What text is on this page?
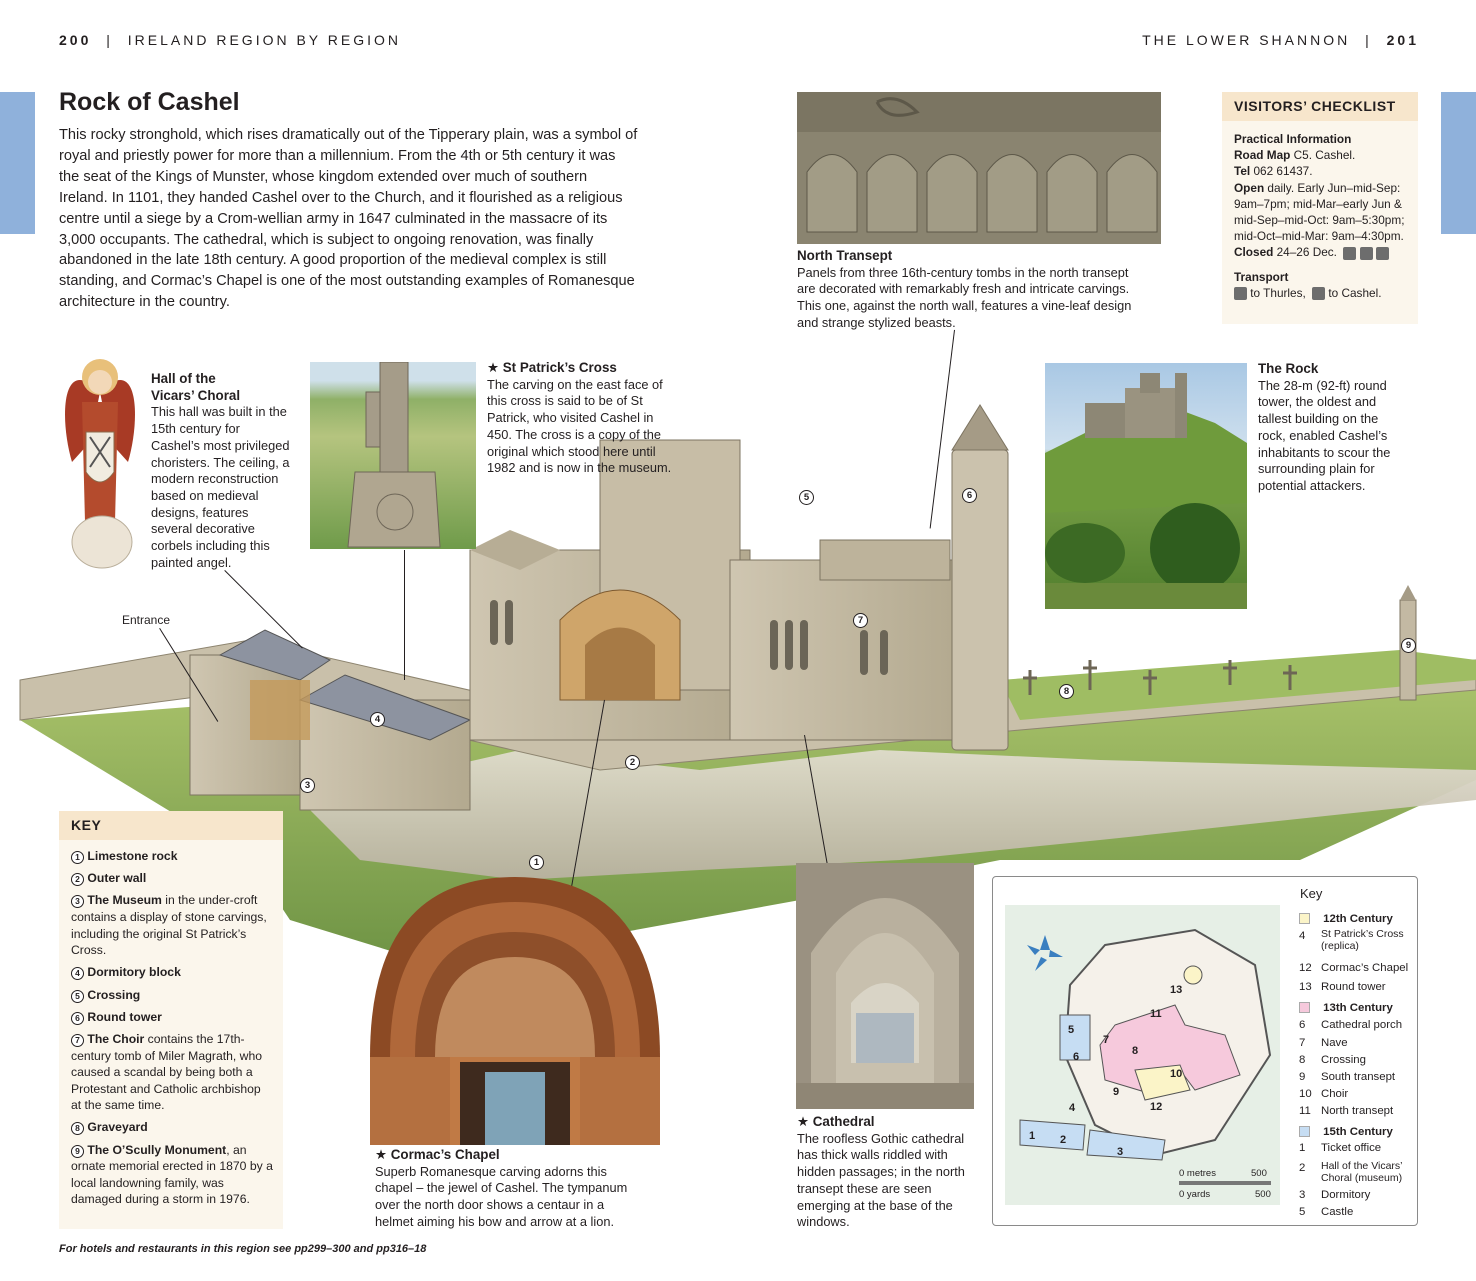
200 | IRELAND REGION BY REGION	THE LOWER SHANNON | 201
Rock of Cashel

This rocky stronghold, which rises dramatically out of the Tipperary plain, was a symbol of royal and priestly power for more than a millennium. From the 4th or 5th century it was the seat of the Kings of Munster, whose kingdom extended over much of southern Ireland. In 1101, they handed Cashel over to the Church, and it flourished as a religious centre until a siege by a Crom-wellian army in 1647 culminated in the massacre of its 3,000 occupants. The cathedral, which is subject to ongoing renovation, was finally abandoned in the late 18th century. A good proportion of the medieval complex is still standing, and Cormac’s Chapel is one of the most outstanding examples of Romanesque architecture in the country.

1
2
3
4
5	6
7
8
9
Hall of the
Vicars’ Choral
This hall was built in the 15th century for Cashel’s most privileged choristers. The ceiling, a modern reconstruction based on medieval designs, features several decorative corbels including this painted angel.
★ St Patrick’s Cross
The carving on the east face of this cross is said to be of St Patrick, who visited Cashel in 450. The cross is a copy of the original which stood here until 1982 and is now in the museum.
North Transept
Panels from three 16th-century tombs in the north transept are decorated with remarkably fresh and intricate carvings. This one, against the north wall, features a vine-leaf design and strange stylized beasts.
The Rock
The 28-m (92-ft) round tower, the oldest and tallest building on the rock, enabled Cashel’s inhabitants to scour the surrounding plain for potential attackers.
VISITORS’ CHECKLIST
Practical Information
Road Map C5. Cashel.
Tel 062 61437.
Open daily. Early Jun–mid-Sep: 9am–7pm; mid-Mar–early Jun & mid-Sep–mid-Oct: 9am–5:30pm; mid-Oct–mid-Mar: 9am–4:30pm.
Closed 24–26 Dec.
Transport
to Thurles,  to Cashel.
Entrance
KEY
1 Limestone rock
2 Outer wall
3 The Museum in the under-croft contains a display of stone carvings, including the original St Patrick’s Cross.
4 Dormitory block
5 Crossing
6 Round tower
7 The Choir contains the 17th-century tomb of Miler Magrath, who caused a scandal by being both a Protestant and Catholic archbishop at the same time.
8 Graveyard
9 The O’Scully Monument, an ornate memorial erected in 1870 by a local landowning family, was damaged during a storm in 1976.
★ Cormac’s Chapel
Superb Romanesque carving adorns this chapel – the jewel of Cashel. The tympanum over the north door shows a centaur in a helmet aiming his bow and arrow at a lion.
★ Cathedral
The roofless Gothic cathedral has thick walls riddled with hidden passages; in the north transept these are seen emerging at the base of the windows.
1 2
3
4
5
6
7
8
9
10
11
12
13
0 metres	500
0 yards	500
Key
12th Century
4 St Patrick’s Cross (replica)
12 Cormac’s Chapel
13 Round tower
13th Century
6 Cathedral porch
7 Nave
8 Crossing
9 South transept
10 Choir
11 North transept
15th Century
1 Ticket office
2 Hall of the Vicars’ Choral (museum)
3 Dormitory
5 Castle
For hotels and restaurants in this region see pp299–300 and pp316–18
